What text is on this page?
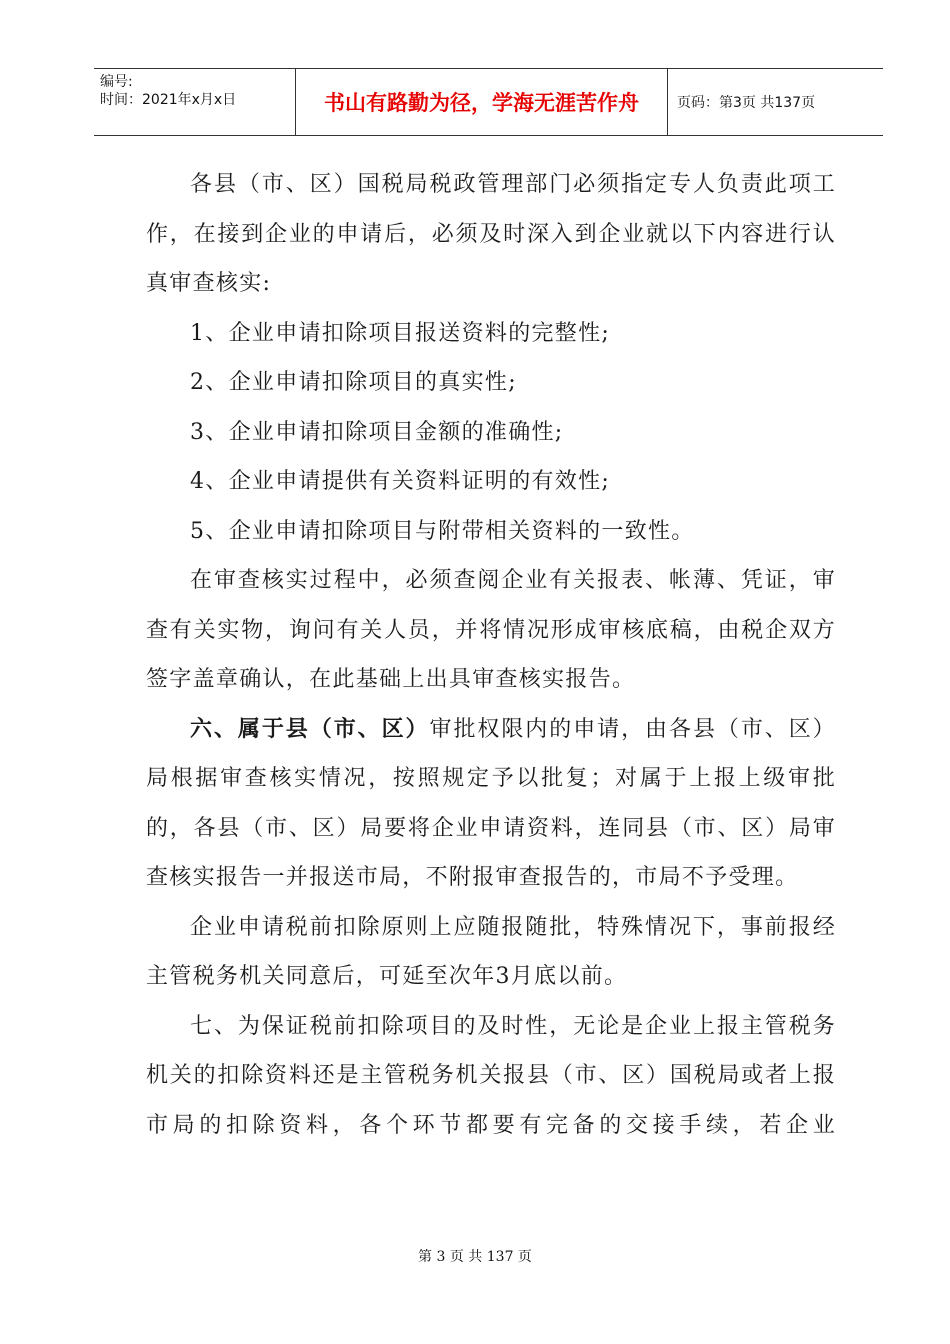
编号:
时间：2021年x月x日	书山有路勤为径，学海无涯苦作舟	页码：第3页 共137页

各县（市、区）国税局税政管理部门必须指定专人负责此项工作，在接到企业的申请后，必须及时深入到企业就以下内容进行认真审查核实:

1、企业申请扣除项目报送资料的完整性;

2、企业申请扣除项目的真实性;

3、企业申请扣除项目金额的准确性;

4、企业申请提供有关资料证明的有效性;

5、企业申请扣除项目与附带相关资料的一致性。

在审查核实过程中，必须查阅企业有关报表、帐薄、凭证，审查有关实物，询问有关人员，并将情况形成审核底稿，由税企双方签字盖章确认，在此基础上出具审查核实报告。

六、属于县（市、区）审批权限内的申请，由各县（市、区）局根据审查核实情况，按照规定予以批复；对属于上报上级审批的，各县（市、区）局要将企业申请资料，连同县（市、区）局审查核实报告一并报送市局，不附报审查报告的，市局不予受理。

企业申请税前扣除原则上应随报随批，特殊情况下，事前报经主管税务机关同意后，可延至次年3月底以前。

七、为保证税前扣除项目的及时性，无论是企业上报主管税务机关的扣除资料还是主管税务机关报县（市、区）国税局或者上报市局的扣除资料，各个环节都要有完备的交接手续，若企业

第 3 页 共 137 页
